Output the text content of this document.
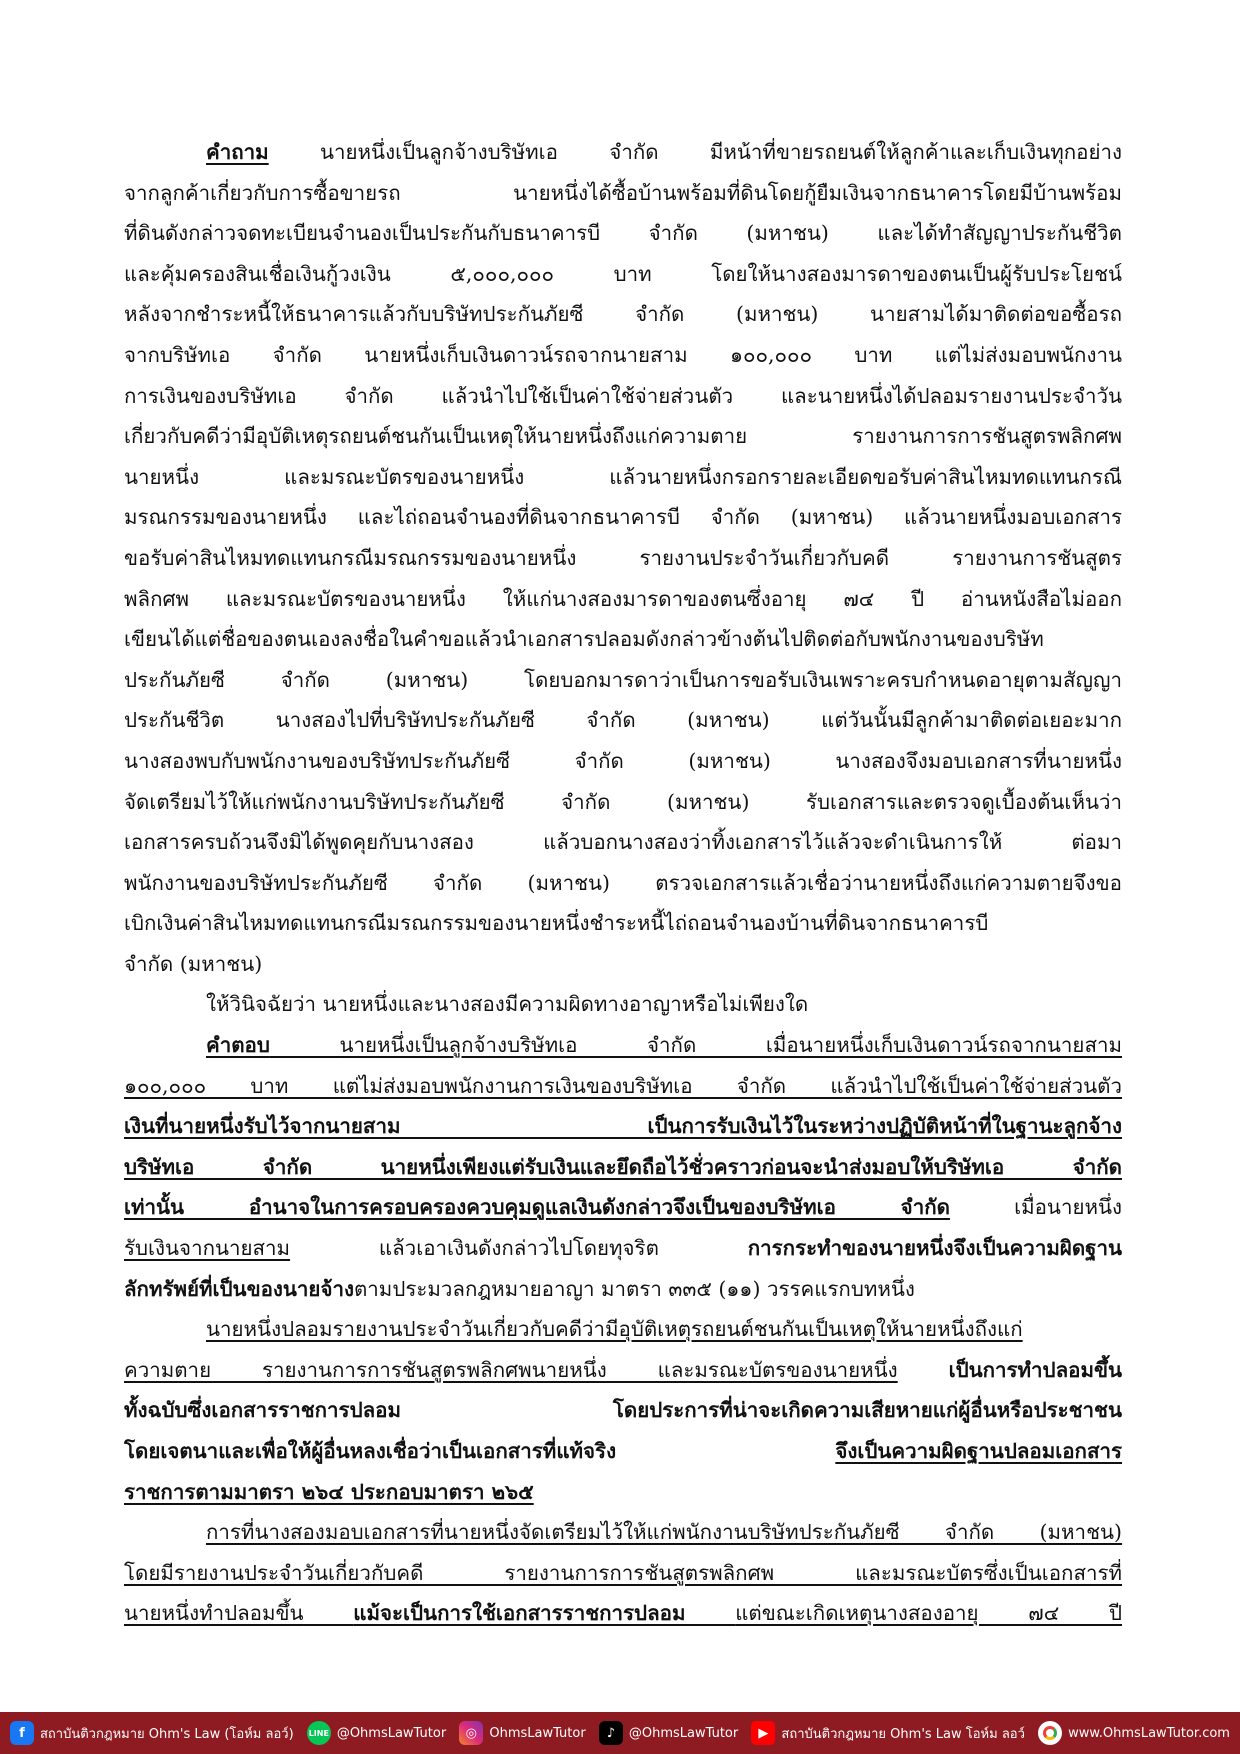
คำถาม	นายหนึ่งเป็นลูกจ้างบริษัทเอ จำกัด มีหน้าที่ขายรถยนต์ให้ลูกค้าและเก็บเงินทุกอย่าง
จากลูกค้าเกี่ยวกับการซื้อขายรถ นายหนึ่งได้ซื้อบ้านพร้อมที่ดินโดยกู้ยืมเงินจากธนาคารโดยมีบ้านพร้อม
ที่ดินดังกล่าวจดทะเบียนจำนองเป็นประกันกับธนาคารบี จำกัด (มหาชน) และได้ทำสัญญาประกันชีวิต
และคุ้มครองสินเชื่อเงินกู้วงเงิน ๕,๐๐๐,๐๐๐ บาท โดยให้นางสองมารดาของตนเป็นผู้รับประโยชน์
หลังจากชำระหนี้ให้ธนาคารแล้วกับบริษัทประกันภัยซี จำกัด (มหาชน) นายสามได้มาติดต่อขอซื้อรถ
จากบริษัทเอ จำกัด นายหนึ่งเก็บเงินดาวน์รถจากนายสาม ๑๐๐,๐๐๐ บาท แต่ไม่ส่งมอบพนักงาน
การเงินของบริษัทเอ จำกัด แล้วนำไปใช้เป็นค่าใช้จ่ายส่วนตัว และนายหนึ่งได้ปลอมรายงานประจำวัน
เกี่ยวกับคดีว่ามีอุบัติเหตุรถยนต์ชนกันเป็นเหตุให้นายหนึ่งถึงแก่ความตาย รายงานการการชันสูตรพลิกศพ
นายหนึ่ง และมรณะบัตรของนายหนึ่ง แล้วนายหนึ่งกรอกรายละเอียดขอรับค่าสินไหมทดแทนกรณี
มรณกรรมของนายหนึ่ง และไถ่ถอนจำนองที่ดินจากธนาคารบี จำกัด (มหาชน) แล้วนายหนึ่งมอบเอกสาร
ขอรับค่าสินไหมทดแทนกรณีมรณกรรมของนายหนึ่ง รายงานประจำวันเกี่ยวกับคดี รายงานการชันสูตร
พลิกศพ และมรณะบัตรของนายหนึ่ง ให้แก่นางสองมารดาของตนซึ่งอายุ ๗๔ ปี อ่านหนังสือไม่ออก
เขียนได้แต่ชื่อของตนเองลงชื่อในคำขอแล้วนำเอกสารปลอมดังกล่าวข้างต้นไปติดต่อกับพนักงานของบริษัท
ประกันภัยซี จำกัด (มหาชน) โดยบอกมารดาว่าเป็นการขอรับเงินเพราะครบกำหนดอายุตามสัญญา
ประกันชีวิต นางสองไปที่บริษัทประกันภัยซี จำกัด (มหาชน) แต่วันนั้นมีลูกค้ามาติดต่อเยอะมาก
นางสองพบกับพนักงานของบริษัทประกันภัยซี จำกัด (มหาชน) นางสองจึงมอบเอกสารที่นายหนึ่ง
จัดเตรียมไว้ให้แก่พนักงานบริษัทประกันภัยซี จำกัด (มหาชน) รับเอกสารและตรวจดูเบื้องต้นเห็นว่า
เอกสารครบถ้วนจึงมิได้พูดคุยกับนางสอง แล้วบอกนางสองว่าทิ้งเอกสารไว้แล้วจะดำเนินการให้ ต่อมา
พนักงานของบริษัทประกันภัยซี จำกัด (มหาชน) ตรวจเอกสารแล้วเชื่อว่านายหนึ่งถึงแก่ความตายจึงขอ
เบิกเงินค่าสินไหมทดแทนกรณีมรณกรรมของนายหนึ่งชำระหนี้ไถ่ถอนจำนองบ้านที่ดินจากธนาคารบี
จำกัด (มหาชน)
ให้วินิจฉัยว่า นายหนึ่งและนางสองมีความผิดทางอาญาหรือไม่เพียงใด
คำตอบ	นายหนึ่งเป็นลูกจ้างบริษัทเอ จำกัด เมื่อนายหนึ่งเก็บเงินดาวน์รถจากนายสาม
๑๐๐,๐๐๐ บาท แต่ไม่ส่งมอบพนักงานการเงินของบริษัทเอ จำกัด แล้วนำไปใช้เป็นค่าใช้จ่ายส่วนตัว
เงินที่นายหนึ่งรับไว้จากนายสาม เป็นการรับเงินไว้ในระหว่างปฏิบัติหน้าที่ในฐานะลูกจ้าง
บริษัทเอ จำกัด นายหนึ่งเพียงแต่รับเงินและยึดถือไว้ชั่วคราวก่อนจะนำส่งมอบให้บริษัทเอ จำกัด
เท่านั้น อำนาจในการครอบครองควบคุมดูแลเงินดังกล่าวจึงเป็นของบริษัทเอ จำกัด	เมื่อนายหนึ่ง
รับเงินจากนายสาม	แล้วเอาเงินดังกล่าวไปโดยทุจริต	การกระทำของนายหนึ่งจึงเป็นความผิดฐาน
ลักทรัพย์ที่เป็นของนายจ้างตามประมวลกฎหมายอาญา มาตรา ๓๓๕ (๑๑) วรรคแรกบทหนึ่ง
นายหนึ่งปลอมรายงานประจำวันเกี่ยวกับคดีว่ามีอุบัติเหตุรถยนต์ชนกันเป็นเหตุให้นายหนึ่งถึงแก่
ความตาย รายงานการการชันสูตรพลิกศพนายหนึ่ง และมรณะบัตรของนายหนึ่ง เป็นการทำปลอมขึ้น
ทั้งฉบับซึ่งเอกสารราชการปลอม โดยประการที่น่าจะเกิดความเสียหายแก่ผู้อื่นหรือประชาชน
โดยเจตนาและเพื่อให้ผู้อื่นหลงเชื่อว่าเป็นเอกสารที่แท้จริง	จึงเป็นความผิดฐานปลอมเอกสาร
ราชการตามมาตรา ๒๖๔ ประกอบมาตรา ๒๖๕
การที่นางสองมอบเอกสารที่นายหนึ่งจัดเตรียมไว้ให้แก่พนักงานบริษัทประกันภัยซี จำกัด (มหาชน)
โดยมีรายงานประจำวันเกี่ยวกับคดี รายงานการการชันสูตรพลิกศพ และมรณะบัตรซึ่งเป็นเอกสารที่
นายหนึ่งทำปลอมขึ้น แม้จะเป็นการใช้เอกสารราชการปลอม แต่ขณะเกิดเหตุนางสองอายุ ๗๔ ปี
f	สถาบันติวกฎหมาย Ohm's Law (โอห์ม ลอว์) LINE @OhmsLawTutor	◎ OhmsLawTutor	♪	@OhmsLawTutor	▶	สถาบันติวกฎหมาย Ohm's Law โอห์ม ลอว์	www.OhmsLawTutor.com
